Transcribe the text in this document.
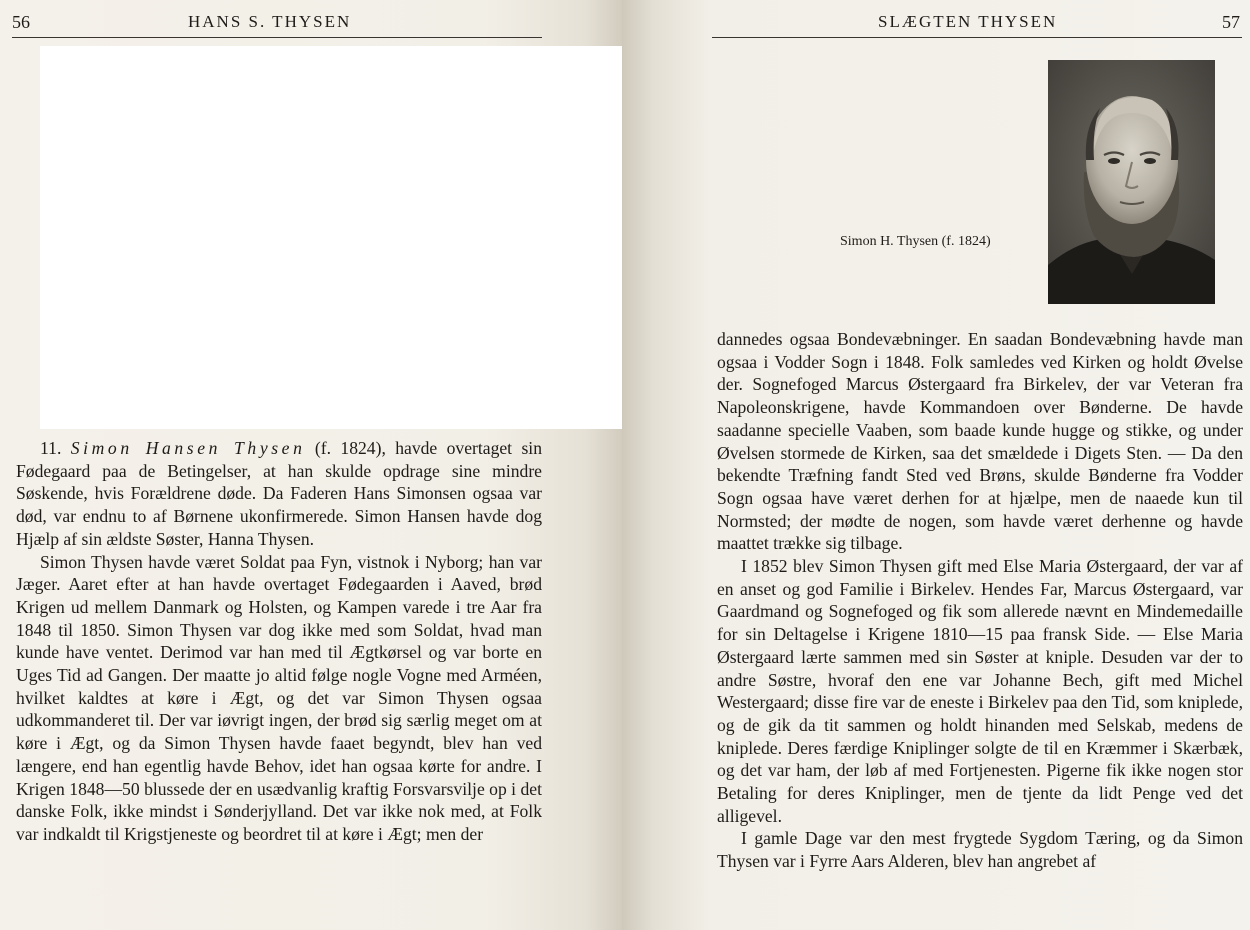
56	HANS S. THYSEN

11. Simon Hansen Thysen (f. 1824), havde overtaget sin Fødegaard paa de Betingelser, at han skulde opdrage sine mindre Søskende, hvis Forældrene døde. Da Faderen Hans Simonsen ogsaa var død, var endnu to af Børnene ukonfirmerede. Simon Hansen havde dog Hjælp af sin ældste Søster, Hanna Thysen.

Simon Thysen havde været Soldat paa Fyn, vistnok i Nyborg; han var Jæger. Aaret efter at han havde overtaget Fødegaarden i Aaved, brød Krigen ud mellem Danmark og Holsten, og Kampen varede i tre Aar fra 1848 til 1850. Simon Thysen var dog ikke med som Soldat, hvad man kunde have ventet. Derimod var han med til Ægtkørsel og var borte en Uges Tid ad Gangen. Der maatte jo altid følge nogle Vogne med Arméen, hvilket kaldtes at køre i Ægt, og det var Simon Thysen ogsaa udkommanderet til. Der var iøvrigt ingen, der brød sig særlig meget om at køre i Ægt, og da Simon Thysen havde faaet begyndt, blev han ved længere, end han egentlig havde Behov, idet han ogsaa kørte for andre. I Krigen 1848—50 blussede der en usædvanlig kraftig Forsvarsvilje op i det danske Folk, ikke mindst i Sønderjylland. Det var ikke nok med, at Folk var indkaldt til Krigstjeneste og beordret til at køre i Ægt; men der

SLÆGTEN THYSEN	57
Simon H. Thysen (f. 1824)

dannedes ogsaa Bondevæbninger. En saadan Bondevæbning havde man ogsaa i Vodder Sogn i 1848. Folk samledes ved Kirken og holdt Øvelse der. Sognefoged Marcus Østergaard fra Birkelev, der var Veteran fra Napoleonskrigene, havde Kommandoen over Bønderne. De havde saadanne specielle Vaaben, som baade kunde hugge og stikke, og under Øvelsen stormede de Kirken, saa det smældede i Digets Sten. — Da den bekendte Træfning fandt Sted ved Brøns, skulde Bønderne fra Vodder Sogn ogsaa have været derhen for at hjælpe, men de naaede kun til Normsted; der mødte de nogen, som havde været derhenne og havde maattet trække sig tilbage.

I 1852 blev Simon Thysen gift med Else Maria Østergaard, der var af en anset og god Familie i Birkelev. Hendes Far, Marcus Østergaard, var Gaardmand og Sognefoged og fik som allerede nævnt en Mindemedaille for sin Deltagelse i Krigene 1810—15 paa fransk Side. — Else Maria Østergaard lærte sammen med sin Søster at kniple. Desuden var der to andre Søstre, hvoraf den ene var Johanne Bech, gift med Michel Westergaard; disse fire var de eneste i Birkelev paa den Tid, som kniplede, og de gik da tit sammen og holdt hinanden med Selskab, medens de kniplede. Deres færdige Kniplinger solgte de til en Kræmmer i Skærbæk, og det var ham, der løb af med Fortjenesten. Pigerne fik ikke nogen stor Betaling for deres Kniplinger, men de tjente da lidt Penge ved det alligevel.

I gamle Dage var den mest frygtede Sygdom Tæring, og da Simon Thysen var i Fyrre Aars Alderen, blev han angrebet af
